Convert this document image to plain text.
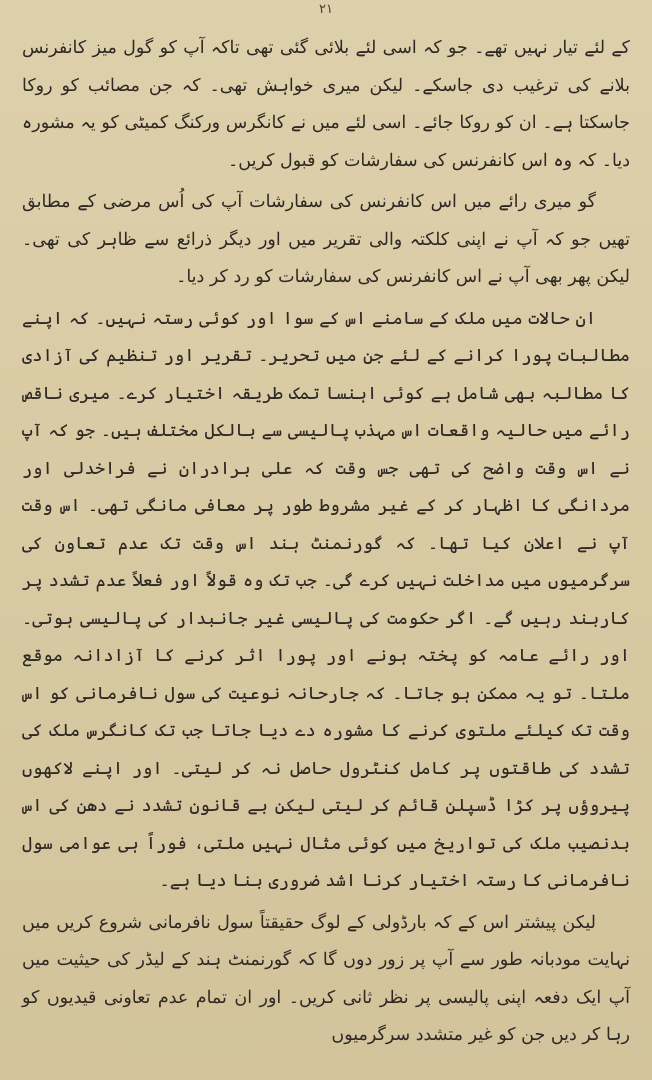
۲۱

کے لئے تیار نہیں تھے۔ جو کہ اسی لئے بلائی گئی تھی تاکہ آپ کو گول میز کانفرنس بلانے کی ترغیب دی جاسکے۔ لیکن میری خواہش تھی۔ کہ جن مصائب کو روکا جاسکتا ہے۔ ان کو روکا جائے۔ اسی لئے میں نے کانگرس ورکنگ کمیٹی کو یہ مشورہ دیا۔ کہ وہ اس کانفرنس کی سفارشات کو قبول کریں۔

گو میری رائے میں اس کانفرنس کی سفارشات آپ کی اُس مرضی کے مطابق تھیں جو کہ آپ نے اپنی کلکتہ والی تقریر میں اور دیگر ذرائع سے ظاہر کی تھی۔ لیکن پھر بھی آپ نے اس کانفرنس کی سفارشات کو رد کر دیا۔

ان حالات میں ملک کے سامنے اس کے سوا اور کوئی رستہ نہیں۔ کہ اپنے مطالبات پورا کرانے کے لئے جن میں تحریر۔ تقریر اور تنظیم کی آزادی کا مطالبہ بھی شامل ہے کوئی اہنسا تمک طریقہ اختیار کرے۔ میری ناقص رائے میں حالیہ واقعات اس مہذب پالیسی سے بالکل مختلف ہیں۔ جو کہ آپ نے اس وقت واضح کی تھی جس وقت کہ علی برادران نے فراخدلی اور مردانگی کا اظہار کر کے غیر مشروط طور پر معافی مانگی تھی۔ اس وقت آپ نے اعلان کیا تھا۔ کہ گورنمنٹ ہند اس وقت تک عدم تعاون کی سرگرمیوں میں مداخلت نہیں کرے گی۔ جب تک وہ قولاً اور فعلاً عدم تشدد پر کاربند رہیں گے۔ اگر حکومت کی پالیسی غیر جانبدار کی پالیسی ہوتی۔ اور رائے عامہ کو پختہ ہونے اور پورا اثر کرنے کا آزادانہ موقع ملتا۔ تو یہ ممکن ہو جاتا۔ کہ جارحانہ نوعیت کی سول نافرمانی کو اس وقت تک کیلئے ملتوی کرنے کا مشورہ دے دیا جاتا جب تک کانگرس ملک کی تشدد کی طاقتوں پر کامل کنٹرول حاصل نہ کر لیتی۔ اور اپنے لاکھوں پیروؤں پر کڑا ڈسپلن قائم کر لیتی لیکن بے قانون تشدد نے دھن کی اس بدنصیب ملک کی تواریخ میں کوئی مثال نہیں ملتی، فوراً ہی عوامی سول نافرمانی کا رستہ اختیار کرنا اشد ضروری بنا دیا ہے۔

لیکن پیشتر اس کے کہ بارڈولی کے لوگ حقیقتاً سول نافرمانی شروع کریں میں نہایت مودبانہ طور سے آپ پر زور دوں گا کہ گورنمنٹ ہند کے لیڈر کی حیثیت میں آپ ایک دفعہ اپنی پالیسی پر نظر ثانی کریں۔ اور ان تمام عدم تعاونی قیدیوں کو رہا کر دیں جن کو غیر متشدد سرگرمیوں
